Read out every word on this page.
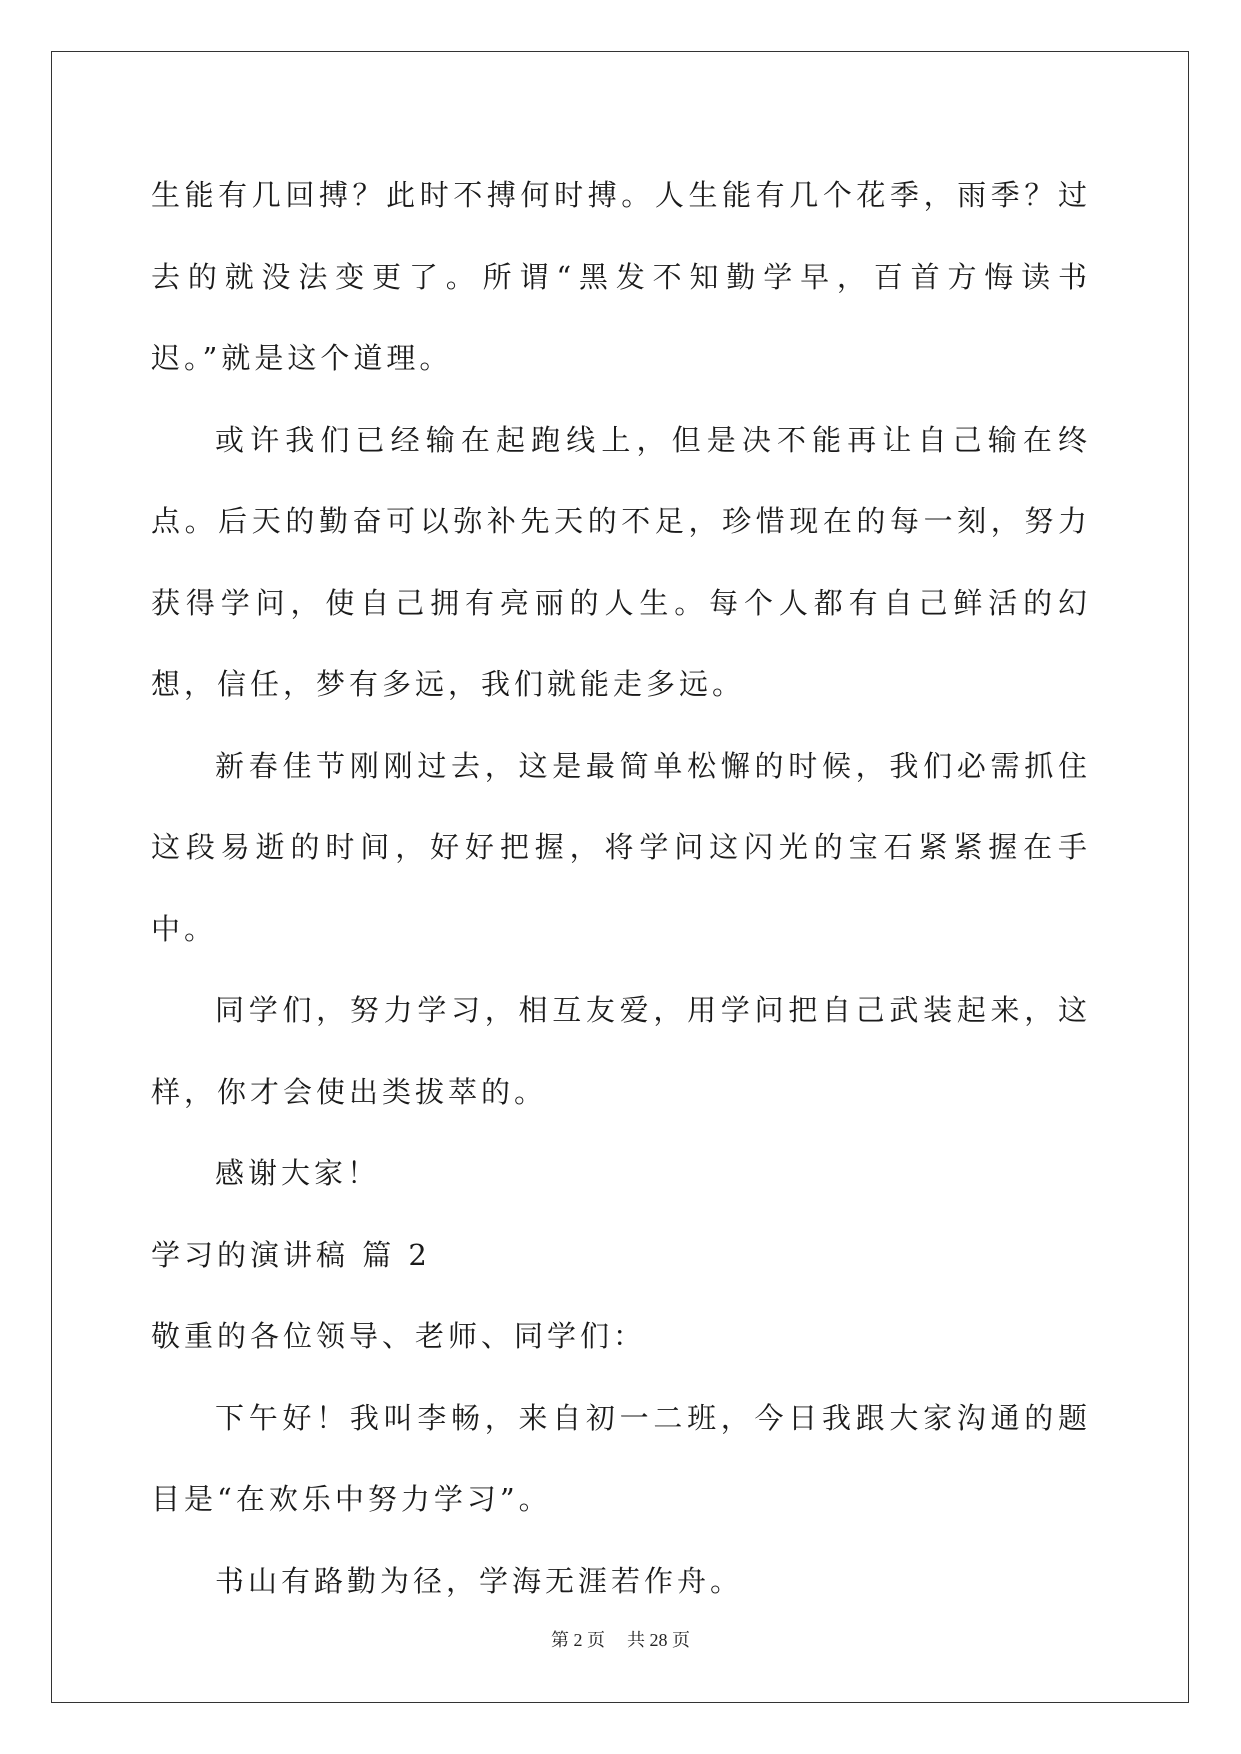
生能有几回搏？此时不搏何时搏。人生能有几个花季，雨季？过去的就没法变更了。所谓“黑发不知勤学早，百首方悔读书迟。”就是这个道理。

或许我们已经输在起跑线上，但是决不能再让自己输在终点。后天的勤奋可以弥补先天的不足，珍惜现在的每一刻，努力获得学问，使自己拥有亮丽的人生。每个人都有自己鲜活的幻想，信任，梦有多远，我们就能走多远。

新春佳节刚刚过去，这是最简单松懈的时候，我们必需抓住这段易逝的时间，好好把握，将学问这闪光的宝石紧紧握在手中。

同学们，努力学习，相互友爱，用学问把自己武装起来，这样，你才会使出类拔萃的。

感谢大家！

学习的演讲稿 篇 2

敬重的各位领导、老师、同学们：

下午好！我叫李畅，来自初一二班，今日我跟大家沟通的题目是“在欢乐中努力学习”。

书山有路勤为径，学海无涯若作舟。

第 2 页 共 28 页
